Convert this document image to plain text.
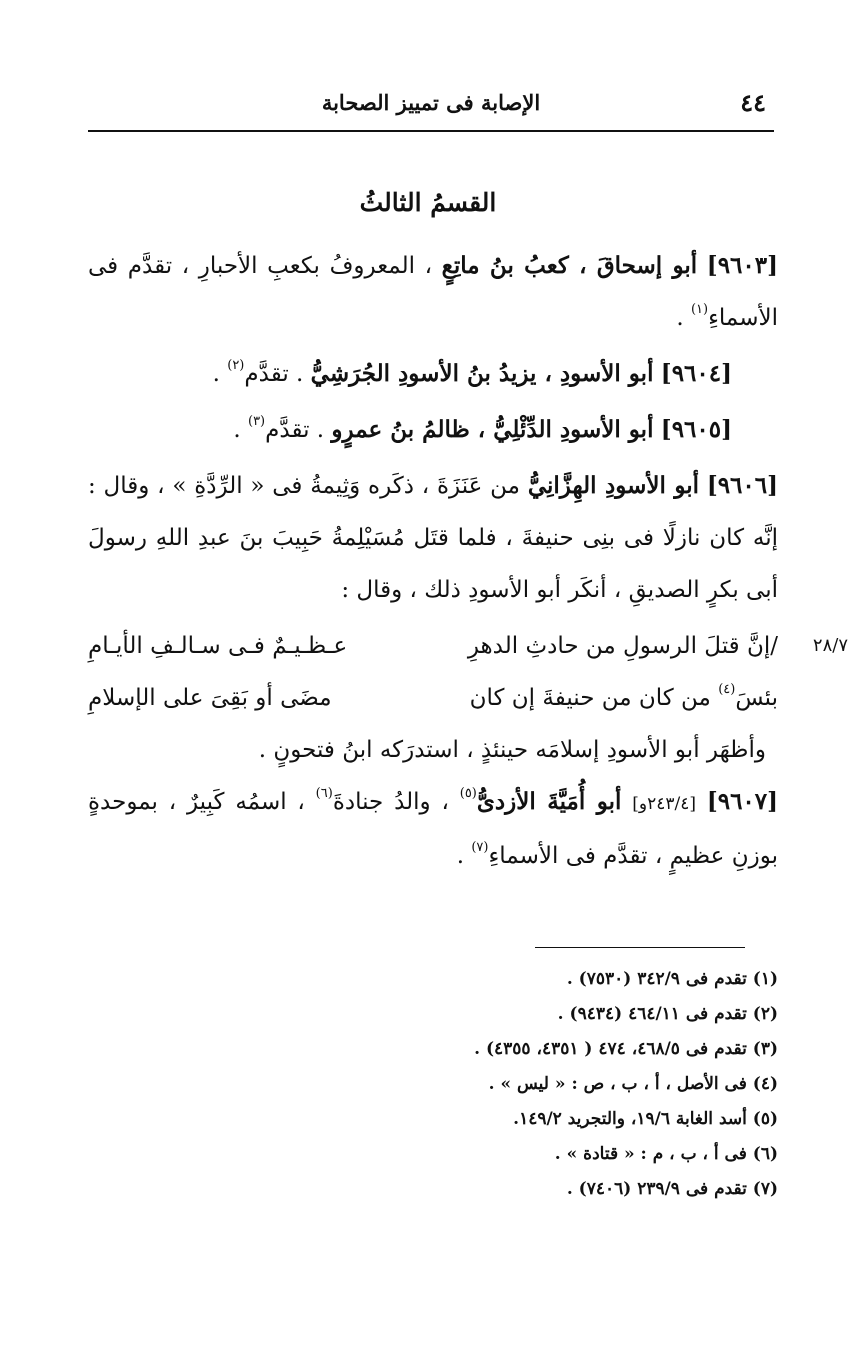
٤٤
الإصابة فى تمييز الصحابة
القسمُ الثالثُ

[٩٦٠٣] أبو إسحاقَ ، كعبُ بنُ ماتِعٍ ، المعروفُ بكعبِ الأحبارِ ، تقدَّم فى الأسماءِ$^{(١)}$ .

[٩٦٠٤] أبو الأسودِ ، يزيدُ بنُ الأسودِ الجُرَشِيُّ . تقدَّم$^{(٢)}$ .

[٩٦٠٥] أبو الأسودِ الدِّئْلِيُّ ، ظالمُ بنُ عمرٍو . تقدَّم$^{(٣)}$ .

[٩٦٠٦] أبو الأسودِ الهِزَّانِيُّ من عَنَزَةَ ، ذكَره وَثِيمةُ فى « الرِّدَّةِ » ، وقال : إنَّه كان نازلًا فى بنِى حنيفةَ ، فلما قتَل مُسَيْلِمةُ حَبِيبَ بنَ عبدِ اللهِ رسولَ أبى بكرٍ الصديقِ ، أنكَر أبو الأسودِ ذلك ، وقال :

٢٨/٧
/إنَّ قتلَ الرسولِ من حادثِ الدهرِ
عـظـيـمٌ فـى سـالـفِ الأيـامِ
بئسَ$^{(٤)}$ من كان من حنيفةَ إن كان
مضَى أو بَقِىَ على الإسلامِ
وأظهَر أبو الأسودِ إسلامَه حينئذٍ ، استدرَكه ابنُ فتحونٍ .

[٩٦٠٧] [٢٤٣/٤و] أبو أُمَيَّةَ الأزدىُّ$^{(٥)}$ ، والدُ جنادةَ$^{(٦)}$ ، اسمُه كَبِيرٌ ، بموحدةٍ بوزنِ عظيمٍ ، تقدَّم فى الأسماءِ$^{(٧)}$ .

(١) تقدم فى ٣٤٢/٩ (٧٥٣٠) .
(٢) تقدم فى ٤٦٤/١١ (٩٤٣٤) .
(٣) تقدم فى ٤٦٨/٥، ٤٧٤ ( ٤٣٥١، ٤٣٥٥) .
(٤) فى الأصل ، أ ، ب ، ص : « ليس » .
(٥) أسد الغابة ١٩/٦، والتجريد ١٤٩/٢.
(٦) فى أ ، ب ، م : « قتادة » .
(٧) تقدم فى ٢٣٩/٩ (٧٤٠٦) .
